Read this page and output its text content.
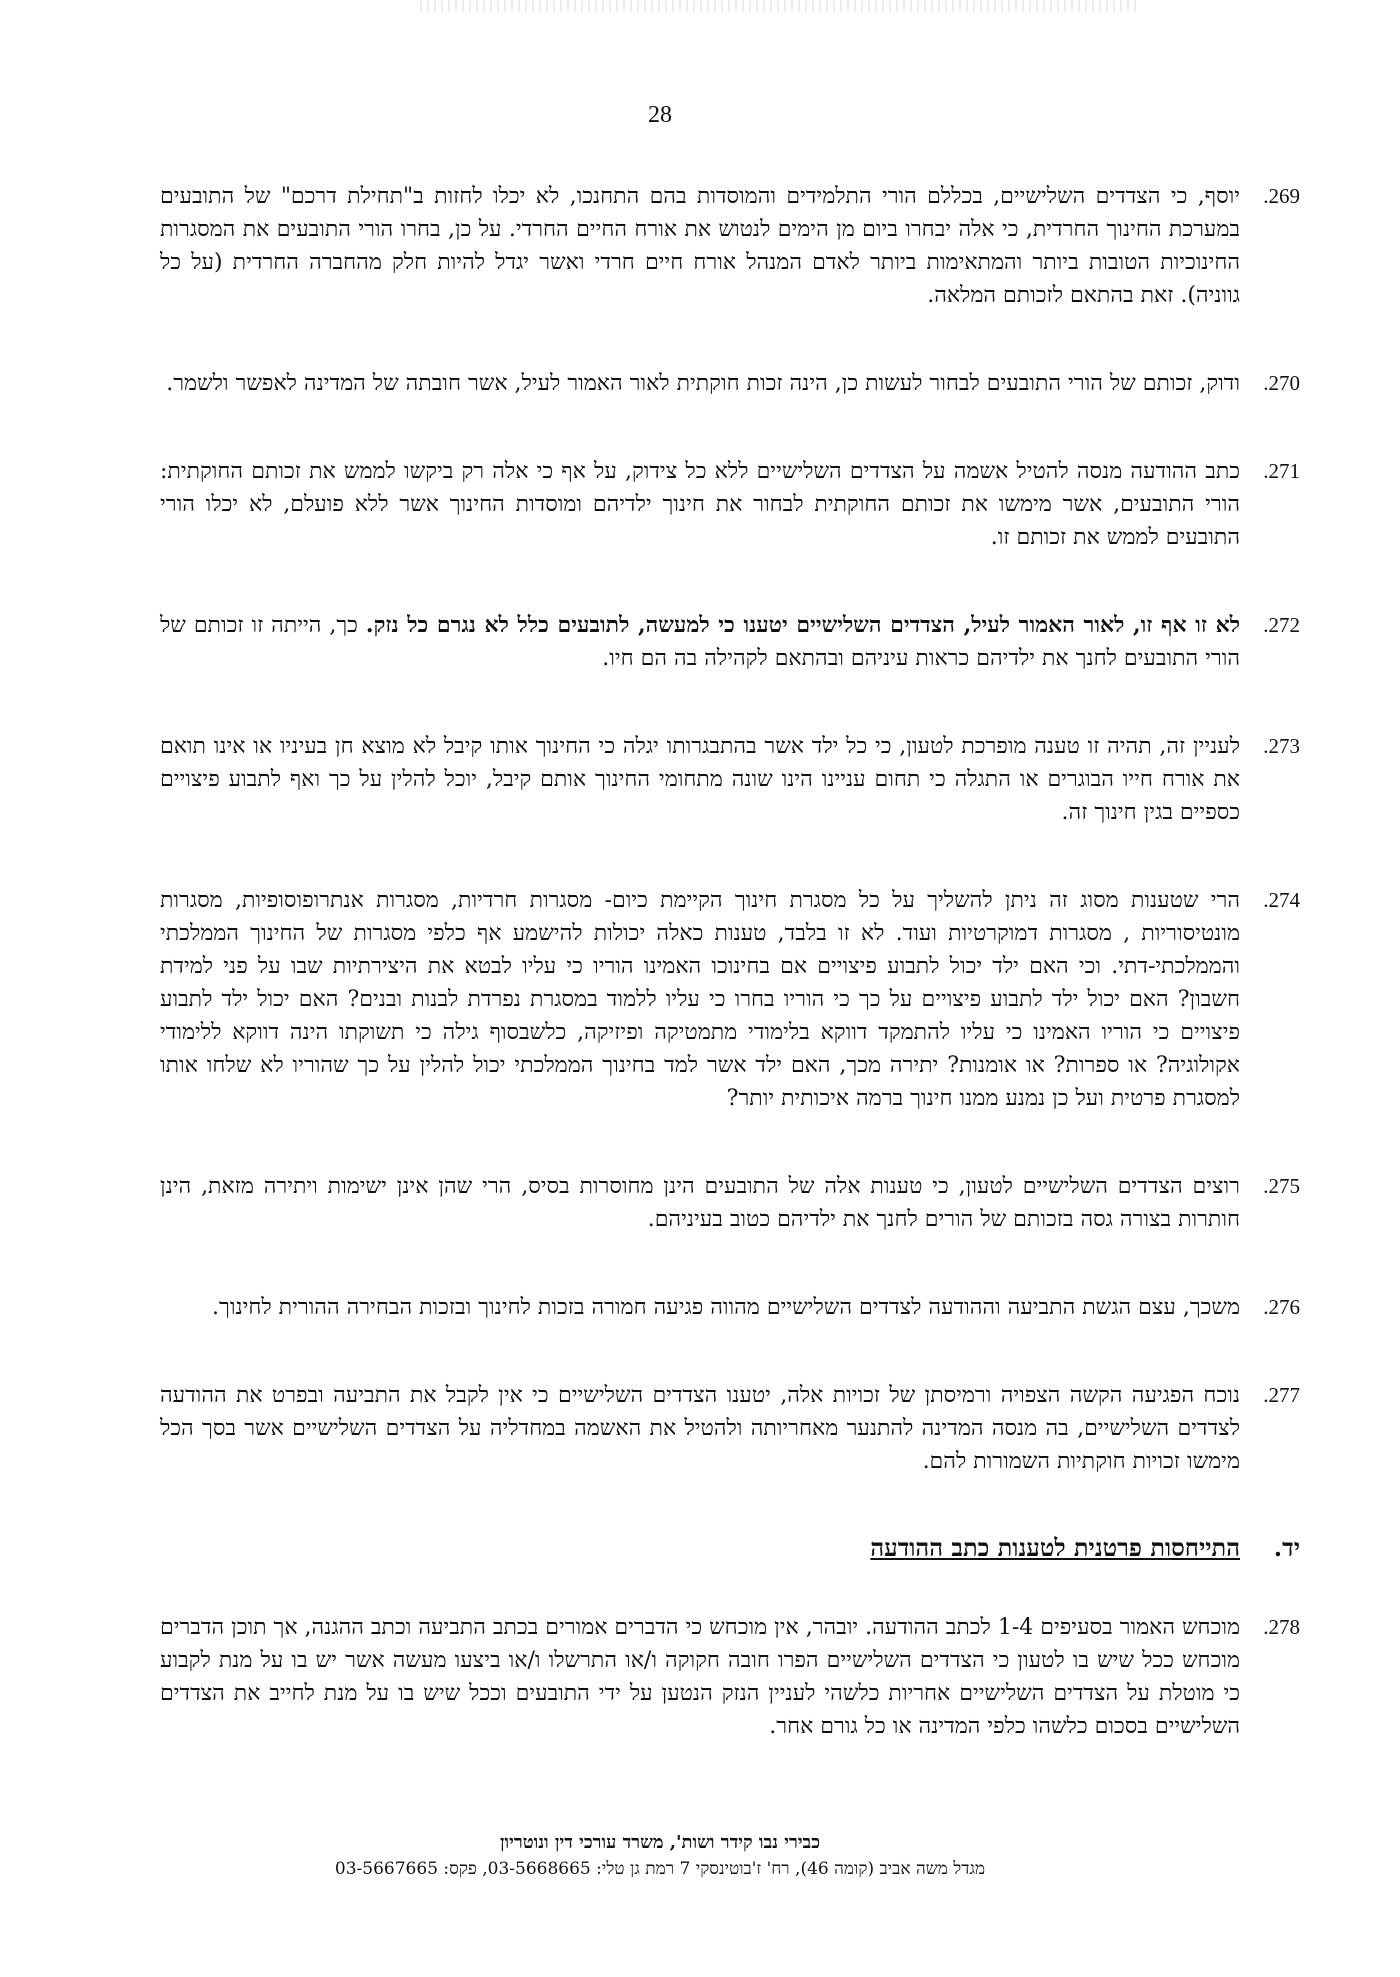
28
.269
יוסף, כי הצדדים השלישיים, בכללם הורי התלמידים והמוסדות בהם התחנכו, לא יכלו לחזות ב"תחילת דרכם" של התובעים במערכת החינוך החרדית, כי אלה יבחרו ביום מן הימים לנטוש את אורח החיים החרדי. על כן, בחרו הורי התובעים את המסגרות החינוכיות הטובות ביותר והמתאימות ביותר לאדם המנהל אורח חיים חרדי ואשר יגדל להיות חלק מהחברה החרדית (על כל גווניה). זאת בהתאם לזכותם המלאה.
.270
ודוק, זכותם של הורי התובעים לבחור לעשות כן, הינה זכות חוקתית לאור האמור לעיל, אשר חובתה של המדינה לאפשר ולשמר.
.271
כתב ההודעה מנסה להטיל אשמה על הצדדים השלישיים ללא כל צידוק, על אף כי אלה רק ביקשו לממש את זכותם החוקתית: הורי התובעים, אשר מימשו את זכותם החוקתית לבחור את חינוך ילדיהם ומוסדות החינוך אשר ללא פועלם, לא יכלו הורי התובעים לממש את זכותם זו.
.272
לא זו אף זו, לאור האמור לעיל, הצדדים השלישיים יטענו כי למעשה, לתובעים כלל לא נגרם כל נזק. כך, הייתה זו זכותם של הורי התובעים לחנך את ילדיהם כראות עיניהם ובהתאם לקהילה בה הם חיו.
.273
לעניין זה, תהיה זו טענה מופרכת לטעון, כי כל ילד אשר בהתבגרותו יגלה כי החינוך אותו קיבל לא מוצא חן בעיניו או אינו תואם את אורח חייו הבוגרים או התגלה כי תחום עניינו הינו שונה מתחומי החינוך אותם קיבל, יוכל להלין על כך ואף לתבוע פיצויים כספיים בגין חינוך זה.
.274
הרי שטענות מסוג זה ניתן להשליך על כל מסגרת חינוך הקיימת כיום- מסגרות חרדיות, מסגרות אנתרופוסופיות, מסגרות מונטיסוריות , מסגרות דמוקרטיות ועוד. לא זו בלבד, טענות כאלה יכולות להישמע אף כלפי מסגרות של החינוך הממלכתי והממלכתי-דתי. וכי האם ילד יכול לתבוע פיצויים אם בחינוכו האמינו הוריו כי עליו לבטא את היצירתיות שבו על פני למידת חשבון? האם יכול ילד לתבוע פיצויים על כך כי הוריו בחרו כי עליו ללמוד במסגרת נפרדת לבנות ובנים? האם יכול ילד לתבוע פיצויים כי הוריו האמינו כי עליו להתמקד דווקא בלימודי מתמטיקה ופיזיקה, כלשבסוף גילה כי תשוקתו הינה דווקא ללימודי אקולוגיה? או ספרות? או אומנות? יתירה מכך, האם ילד אשר למד בחינוך הממלכתי יכול להלין על כך שהוריו לא שלחו אותו למסגרת פרטית ועל כן נמנע ממנו חינוך ברמה איכותית יותר?
.275
רוצים הצדדים השלישיים לטעון, כי טענות אלה של התובעים הינן מחוסרות בסיס, הרי שהן אינן ישימות ויתירה מזאת, הינן חותרות בצורה גסה בזכותם של הורים לחנך את ילדיהם כטוב בעיניהם.
.276
משכך, עצם הגשת התביעה וההודעה לצדדים השלישיים מהווה פגיעה חמורה בזכות לחינוך ובזכות הבחירה ההורית לחינוך.
.277
נוכח הפגיעה הקשה הצפויה ורמיסתן של זכויות אלה, יטענו הצדדים השלישיים כי אין לקבל את התביעה ובפרט את ההודעה לצדדים השלישיים, בה מנסה המדינה להתנער מאחריותה ולהטיל את האשמה במחדליה על הצדדים השלישיים אשר בסך הכל מימשו זכויות חוקתיות השמורות להם.
יד.
התייחסות פרטנית לטענות כתב ההודעה
.278
מוכחש האמור בסעיפים 1-4 לכתב ההודעה. יובהר, אין מוכחש כי הדברים אמורים בכתב התביעה וכתב ההגנה, אך תוכן הדברים מוכחש ככל שיש בו לטעון כי הצדדים השלישיים הפרו חובה חקוקה ו/או התרשלו ו/או ביצעו מעשה אשר יש בו על מנת לקבוע כי מוטלת על הצדדים השלישיים אחריות כלשהי לעניין הנזק הנטען על ידי התובעים וככל שיש בו על מנת לחייב את הצדדים השלישיים בסכום כלשהו כלפי המדינה או כל גורם אחר.
כבירי נבו קידר ושות', משרד עורכי דין ונוטריון
מגדל משה אביב (קומה 46), רח' ז'בוטינסקי 7 רמת גן טלי: 03-5668665, פקס: 03-5667665
